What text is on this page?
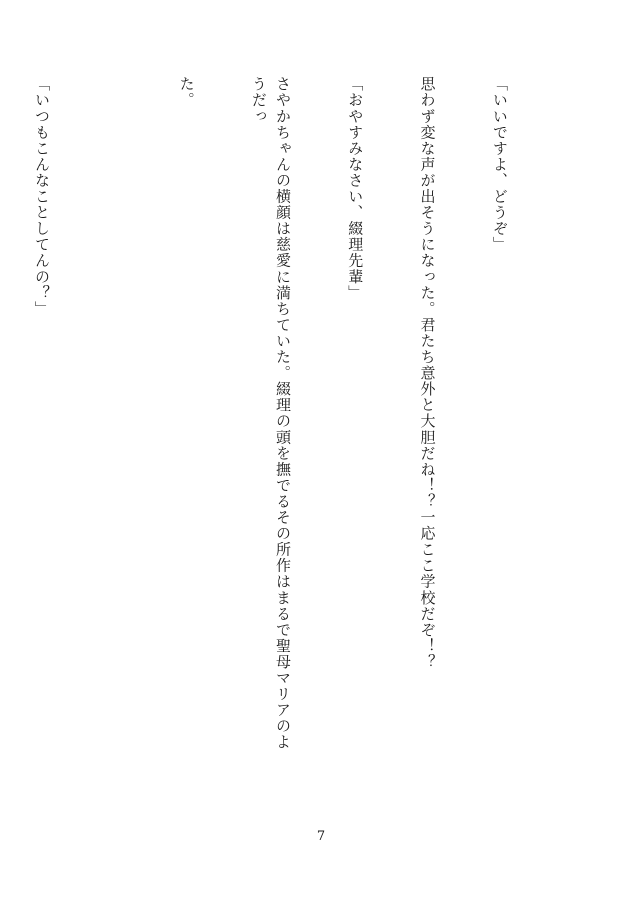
「いいですよ、どうぞ」

思わず変な声が出そうになった。君たち意外と大胆だね！？一応ここ学校だぞ！？

「おやすみなさい、綴理先輩」

さやかちゃんの横顔は慈愛に満ちていた。綴理の頭を撫でるその所作はまるで聖母マリアのようだっ

た。

「いつもこんなことしてんの？」

7
